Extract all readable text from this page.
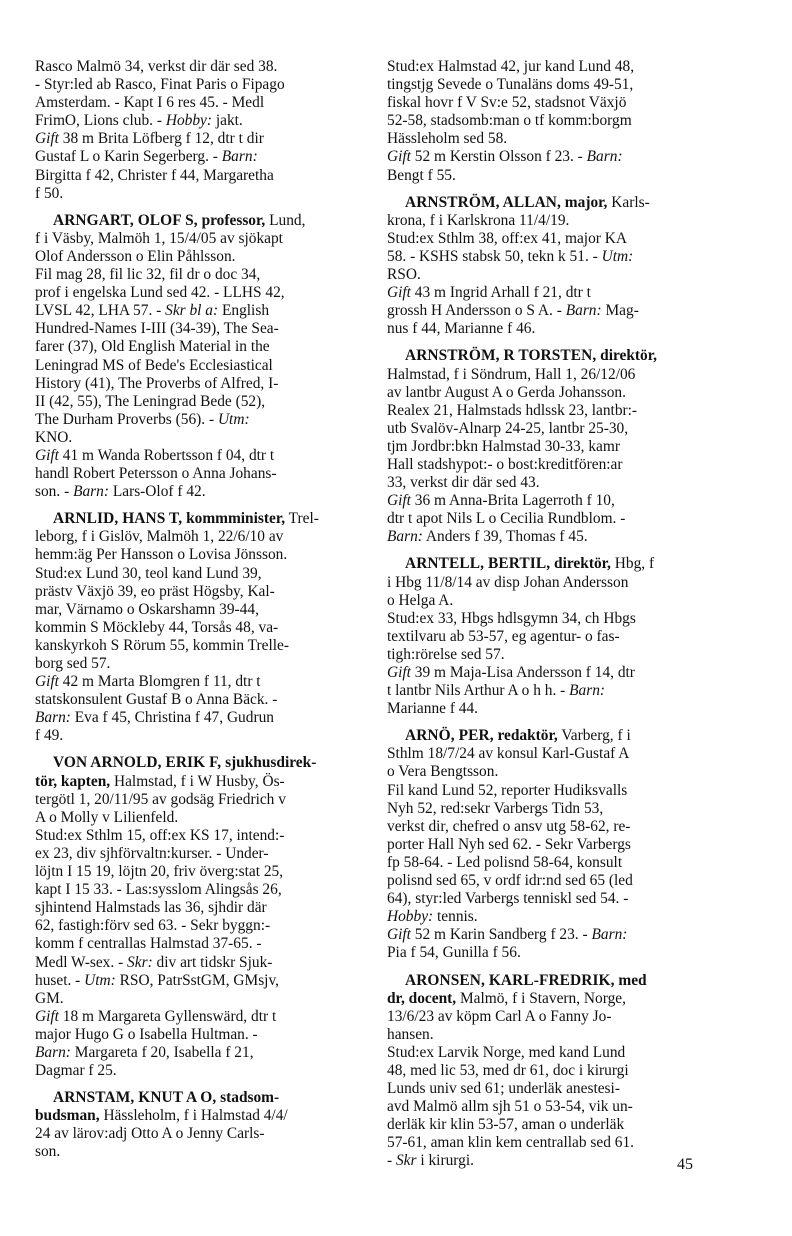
Rasco Malmö 34, verkst dir där sed 38.
- Styr:led ab Rasco, Finat Paris o Fipago
Amsterdam. - Kapt I 6 res 45. - Medl
FrimO, Lions club. - Hobby: jakt.
Gift 38 m Brita Löfberg f 12, dtr t dir
Gustaf L o Karin Segerberg. - Barn:
Birgitta f 42, Christer f 44, Margaretha
f 50.
ARNGART, OLOF S, professor, Lund,
f i Väsby, Malmöh 1, 15/4/05 av sjökapt
Olof Andersson o Elin Påhlsson.
Fil mag 28, fil lic 32, fil dr o doc 34,
prof i engelska Lund sed 42. - LLHS 42,
LVSL 42, LHA 57. - Skr bl a: English
Hundred-Names I-III (34-39), The Sea-
farer (37), Old English Material in the
Leningrad MS of Bede's Ecclesiastical
History (41), The Proverbs of Alfred, I-
II (42, 55), The Leningrad Bede (52),
The Durham Proverbs (56). - Utm:
KNO.
Gift 41 m Wanda Robertsson f 04, dtr t
handl Robert Petersson o Anna Johans-
son. - Barn: Lars-Olof f 42.
ARNLID, HANS T, kommminister, Trel-
leborg, f i Gislöv, Malmöh 1, 22/6/10 av
hemm:äg Per Hansson o Lovisa Jönsson.
Stud:ex Lund 30, teol kand Lund 39,
prästv Växjö 39, eo präst Högsby, Kal-
mar, Värnamo o Oskarshamn 39-44,
kommin S Möckleby 44, Torsås 48, va-
kanskyrkoh S Rörum 55, kommin Trelle-
borg sed 57.
Gift 42 m Marta Blomgren f 11, dtr t
statskonsulent Gustaf B o Anna Bäck. -
Barn: Eva f 45, Christina f 47, Gudrun
f 49.
VON ARNOLD, ERIK F, sjukhusdirek-
tör, kapten, Halmstad, f i W Husby, Ös-
tergötl 1, 20/11/95 av godsäg Friedrich v
A o Molly v Lilienfeld.
Stud:ex Sthlm 15, off:ex KS 17, intend:-
ex 23, div sjhförvaltn:kurser. - Under-
löjtn I 15 19, löjtn 20, friv överg:stat 25,
kapt I 15 33. - Las:sysslom Alingsås 26,
sjhintend Halmstads las 36, sjhdir där
62, fastigh:förv sed 63. - Sekr byggn:-
komm f centrallas Halmstad 37-65. -
Medl W-sex. - Skr: div art tidskr Sjuk-
huset. - Utm: RSO, PatrSstGM, GMsjv,
GM.
Gift 18 m Margareta Gyllenswärd, dtr t
major Hugo G o Isabella Hultman. -
Barn: Margareta f 20, Isabella f 21,
Dagmar f 25.
ARNSTAM, KNUT A O, stadsom-
budsman, Hässleholm, f i Halmstad 4/4/
24 av lärov:adj Otto A o Jenny Carls-
son.
Stud:ex Halmstad 42, jur kand Lund 48,
tingstjg Sevede o Tunaläns doms 49-51,
fiskal hovr f V Sv:e 52, stadsnot Växjö
52-58, stadsomb:man o tf komm:borgm
Hässleholm sed 58.
Gift 52 m Kerstin Olsson f 23. - Barn:
Bengt f 55.
ARNSTRÖM, ALLAN, major, Karls-
krona, f i Karlskrona 11/4/19.
Stud:ex Sthlm 38, off:ex 41, major KA
58. - KSHS stabsk 50, tekn k 51. - Utm:
RSO.
Gift 43 m Ingrid Arhall f 21, dtr t
grossh H Andersson o S A. - Barn: Mag-
nus f 44, Marianne f 46.
ARNSTRÖM, R TORSTEN, direktör,
Halmstad, f i Söndrum, Hall 1, 26/12/06
av lantbr August A o Gerda Johansson.
Realex 21, Halmstads hdlssk 23, lantbr:-
utb Svalöv-Alnarp 24-25, lantbr 25-30,
tjm Jordbr:bkn Halmstad 30-33, kamr
Hall stadshypot:- o bost:kreditfören:ar
33, verkst dir där sed 43.
Gift 36 m Anna-Brita Lagerroth f 10,
dtr t apot Nils L o Cecilia Rundblom. -
Barn: Anders f 39, Thomas f 45.
ARNTELL, BERTIL, direktör, Hbg, f
i Hbg 11/8/14 av disp Johan Andersson
o Helga A.
Stud:ex 33, Hbgs hdlsgymn 34, ch Hbgs
textilvaru ab 53-57, eg agentur- o fas-
tigh:rörelse sed 57.
Gift 39 m Maja-Lisa Andersson f 14, dtr
t lantbr Nils Arthur A o h h. - Barn:
Marianne f 44.
ARNÖ, PER, redaktör, Varberg, f i
Sthlm 18/7/24 av konsul Karl-Gustaf A
o Vera Bengtsson.
Fil kand Lund 52, reporter Hudiksvalls
Nyh 52, red:sekr Varbergs Tidn 53,
verkst dir, chefred o ansv utg 58-62, re-
porter Hall Nyh sed 62. - Sekr Varbergs
fp 58-64. - Led polisnd 58-64, konsult
polisnd sed 65, v ordf idr:nd sed 65 (led
64), styr:led Varbergs tenniskl sed 54. -
Hobby: tennis.
Gift 52 m Karin Sandberg f 23. - Barn:
Pia f 54, Gunilla f 56.
ARONSEN, KARL-FREDRIK, med
dr, docent, Malmö, f i Stavern, Norge,
13/6/23 av köpm Carl A o Fanny Jo-
hansen.
Stud:ex Larvik Norge, med kand Lund
48, med lic 53, med dr 61, doc i kirurgi
Lunds univ sed 61; underläk anestesi-
avd Malmö allm sjh 51 o 53-54, vik un-
derläk kir klin 53-57, aman o underläk
57-61, aman klin kem centrallab sed 61.
- Skr i kirurgi.	45
